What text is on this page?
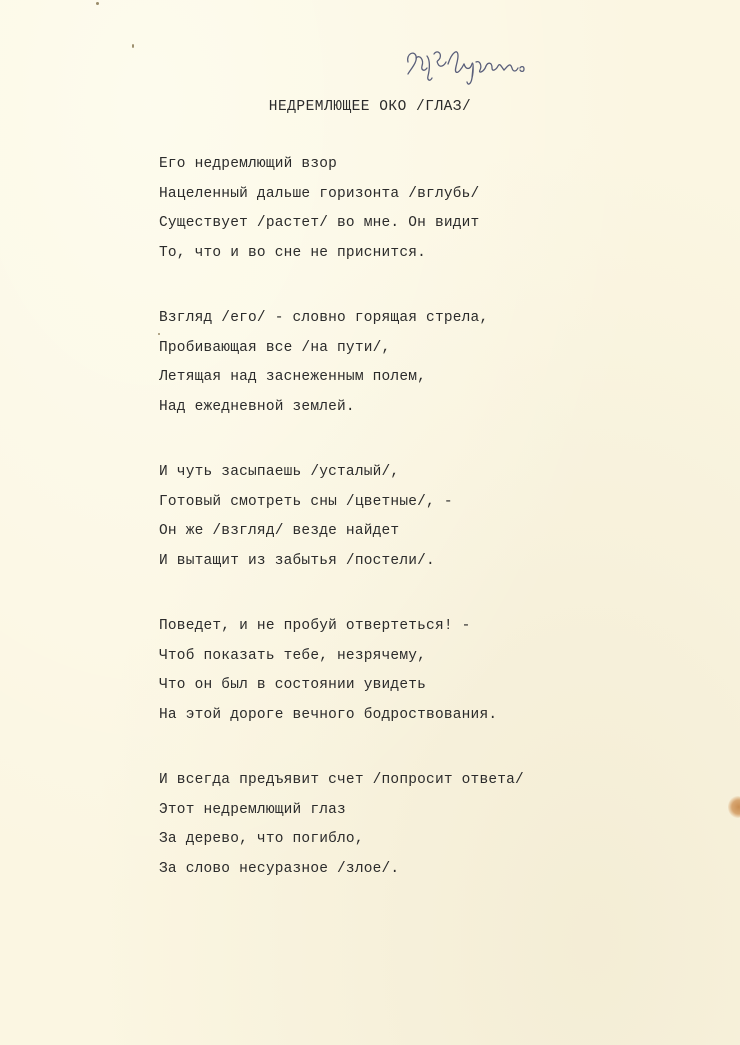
НЕДРЕМЛЮЩЕЕ ОКО /ГЛАЗ/
Его недремлющий взор
Нацеленный дальше горизонта /вглубь/
Существует /растет/ во мне. Он видит
То, что и во сне не приснится.
Взгляд /его/ - словно горящая стрела,
Пробивающая все /на пути/,
Летящая над заснеженным полем,
Над ежедневной землей.
И чуть засыпаешь /усталый/,
Готовый смотреть сны /цветные/, -
Он же /взгляд/ везде найдет
И вытащит из забытья /постели/.
Поведет, и не пробуй отвертеться! -
Чтоб показать тебе, незрячему,
Что он был в состоянии увидеть
На этой дороге вечного бодроствования.
И всегда предъявит счет /попросит ответа/
Этот недремлющий глаз
За дерево, что погибло,
За слово несуразное /злое/.
